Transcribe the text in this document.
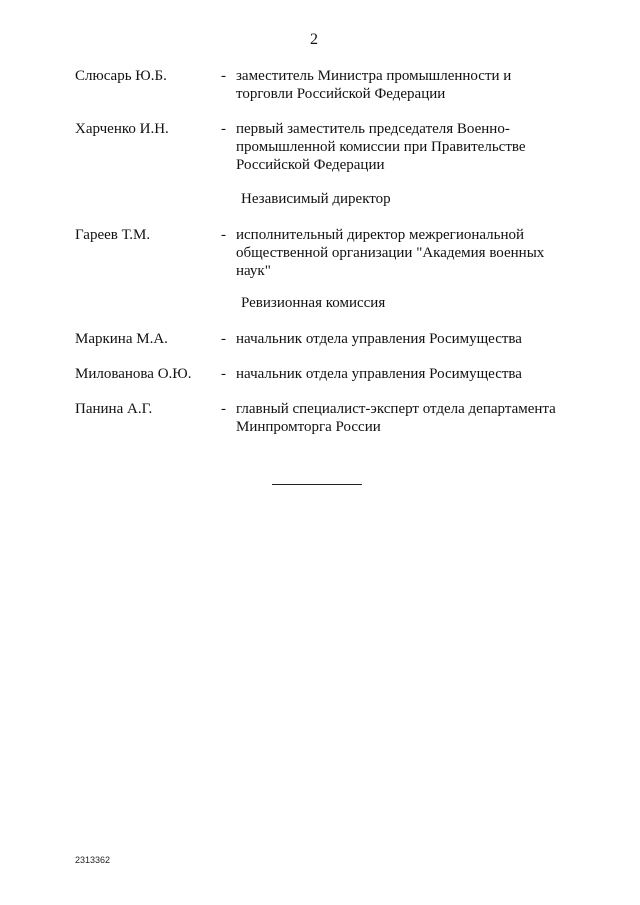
2
Слюсарь Ю.Б.	- заместитель Министра промышленности и
торговли Российской Федерации
Харченко И.Н.	- первый заместитель председателя Военно-
промышленной комиссии при Правительстве
Российской Федерации
Независимый директор
Гареев Т.М.	- исполнительный директор межрегиональной
общественной организации "Академия военных
наук"
Ревизионная комиссия
Маркина М.А.	- начальник отдела управления Росимущества
Милованова О.Ю. - начальник отдела управления Росимущества
Панина А.Г.	- главный специалист-эксперт отдела департамента
Минпромторга России
2313362
